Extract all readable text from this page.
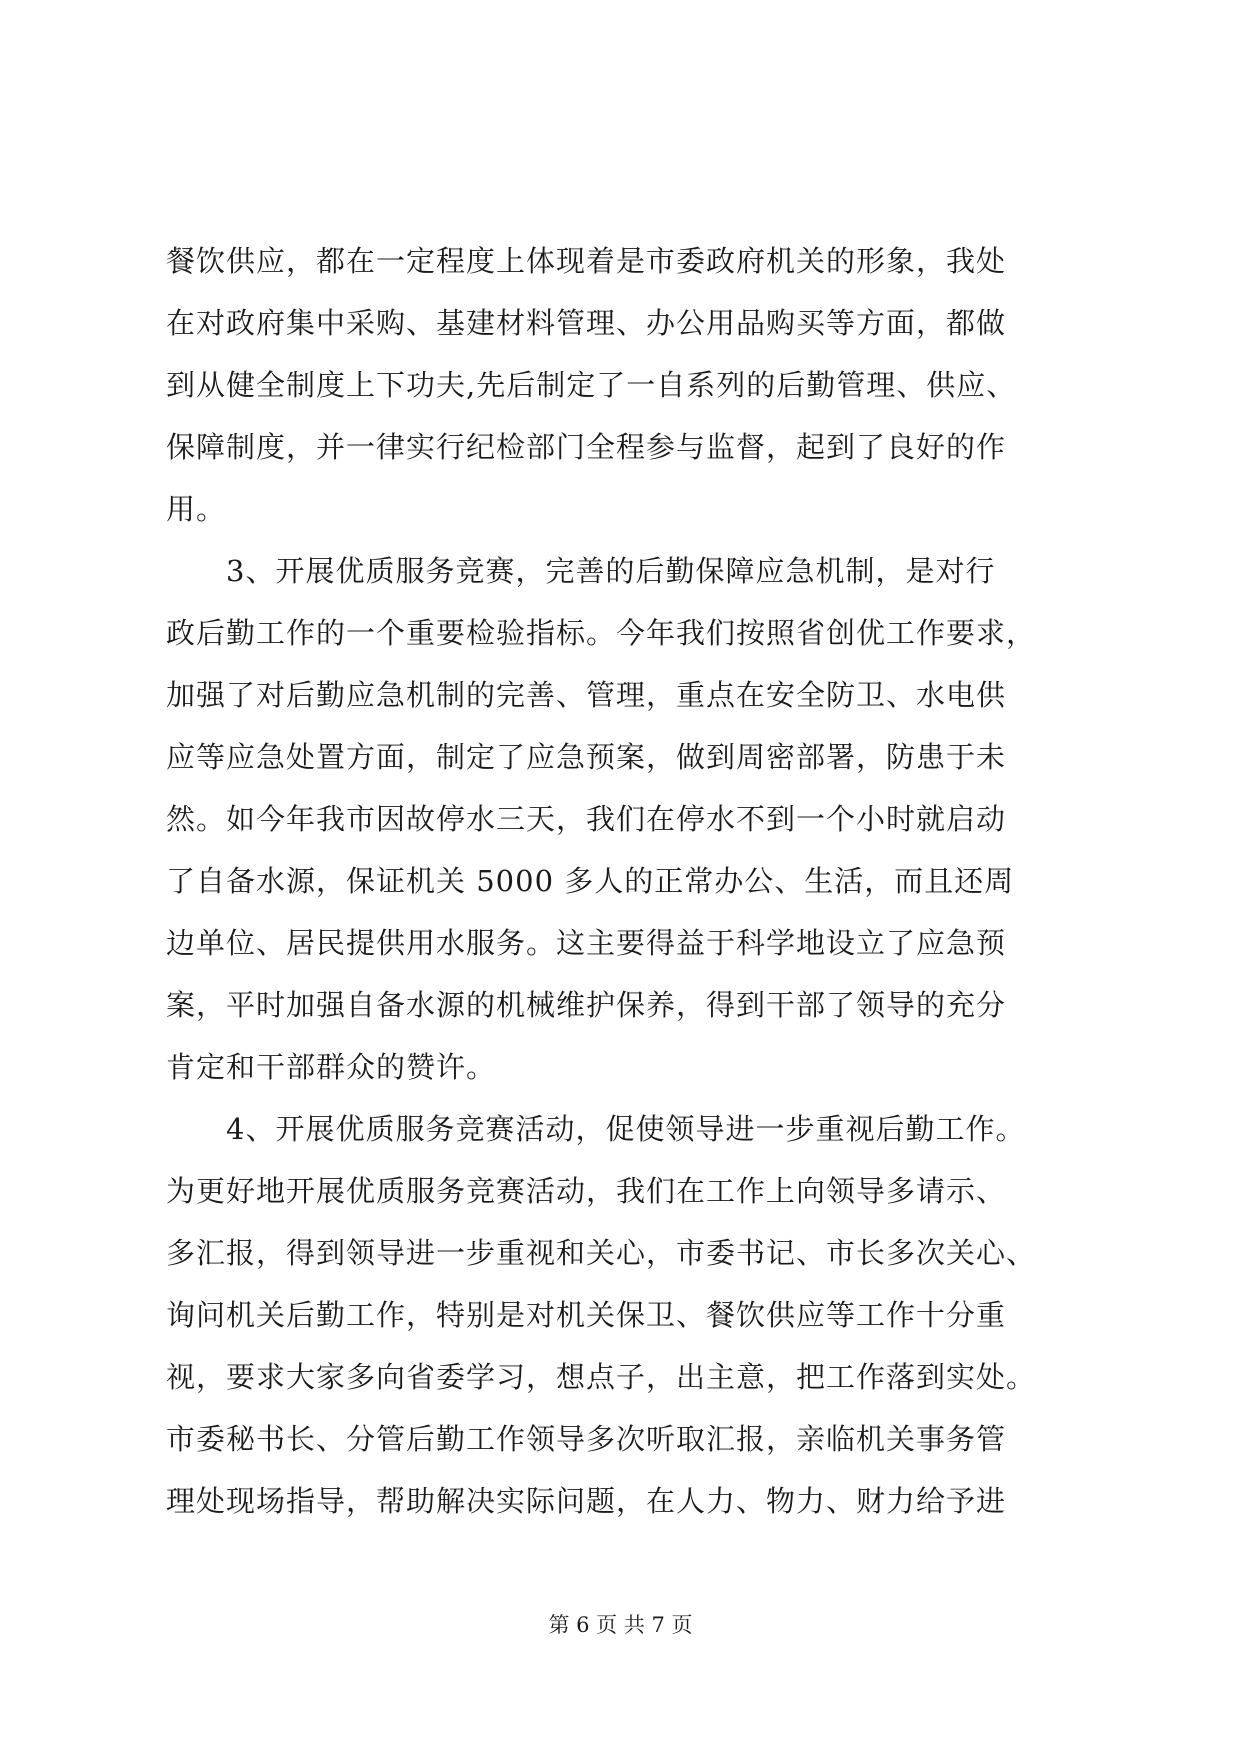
餐饮供应，都在一定程度上体现着是市委政府机关的形象，我处
在对政府集中采购、基建材料管理、办公用品购买等方面，都做
到从健全制度上下功夫,先后制定了一自系列的后勤管理、供应、
保障制度，并一律实行纪检部门全程参与监督，起到了良好的作
用。
　　3、开展优质服务竞赛，完善的后勤保障应急机制，是对行
政后勤工作的一个重要检验指标。今年我们按照省创优工作要求，
加强了对后勤应急机制的完善、管理，重点在安全防卫、水电供
应等应急处置方面，制定了应急预案，做到周密部署，防患于未
然。如今年我市因故停水三天，我们在停水不到一个小时就启动
了自备水源，保证机关 5000 多人的正常办公、生活，而且还周
边单位、居民提供用水服务。这主要得益于科学地设立了应急预
案，平时加强自备水源的机械维护保养，得到干部了领导的充分
肯定和干部群众的赞许。
　　4、开展优质服务竞赛活动，促使领导进一步重视后勤工作。
为更好地开展优质服务竞赛活动，我们在工作上向领导多请示、
多汇报，得到领导进一步重视和关心，市委书记、市长多次关心、
询问机关后勤工作，特别是对机关保卫、餐饮供应等工作十分重
视，要求大家多向省委学习，想点子，出主意，把工作落到实处。
市委秘书长、分管后勤工作领导多次听取汇报，亲临机关事务管
理处现场指导，帮助解决实际问题，在人力、物力、财力给予进
第 6 页 共 7 页
